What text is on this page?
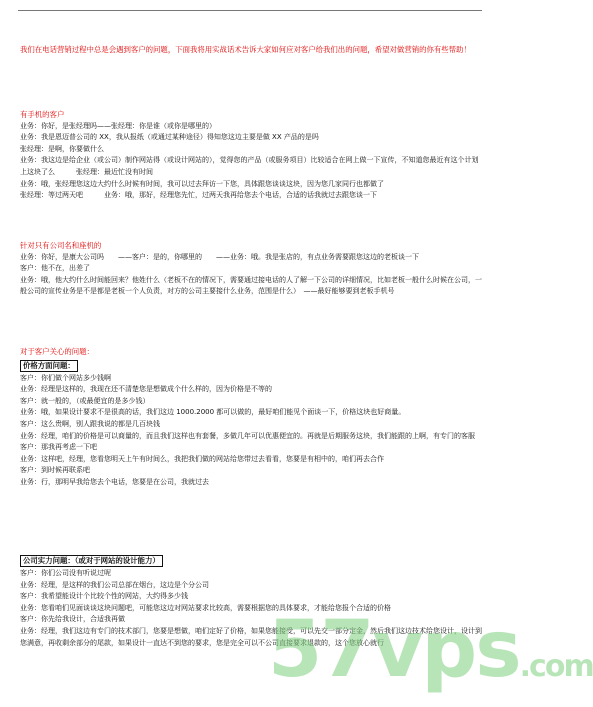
我们在电话营销过程中总是会遇到客户的问题，下面我将用实战话术告诉大家如何应对客户给我们出的问题，希望对做营销的你有些帮助！
有手机的客户
业务：你好，是张经理吗——张经理：你是谁（或你是哪里的）
业务：我是恩迈普公司的 XX，我从报纸（或通过某种途径）得知您这边主要是做 XX 产品的是吗
张经理：是啊，你要做什么
业务：我这边是给企业（或公司）制作网站得（或设计网站的），觉得您的产品（或服务项目）比较适合在网上做一下宣传，不知道您最近有这个计划上这块了么　　　张经理：最近忙没有时间
业务：哦，张经理您这边大约什么时候有时间，我可以过去拜访一下您，具体跟您谈谈这块，因为您几家同行也都做了
张经理：等过两天吧　　　业务：哦，那好，经理您先忙，过两天我再给您去个电话，合适的话我就过去跟您谈一下
针对只有公司名和座机的
业务：你好，是康大公司吗　　——客户：是的，你哪里的　　——业务：哦。我是张店的，有点业务需要跟您这边的老板谈一下
客户：他不在，出差了
业务：哦，他大约什么时间能回来？他姓什么（老板不在的情况下，需要通过接电话的人了解一下公司的详细情况，比如老板一般什么时候在公司，一般公司的宣传业务是不是都是老板一个人负责，对方的公司主要接什么业务，范围是什么）　——最好能够要到老板手机号
对于客户关心的问题：
价格方面问题：
客户：你们做个网站多少钱啊
业务：经理是这样的，我现在还不清楚您是想做成个什么样的，因为价格是不等的
客户：就一般的，（或最便宜的是多少钱）
业务：哦，如果设计要求不是很高的话，我们这边 1000.2000 都可以做的，最好咱们能见个面谈一下，价格这块也好商量。
客户：这么贵啊，别人跟我说的都是几百块钱
业务：经理，咱们的价格是可以商量的，而且我们这样也有套餐，多做几年可以优惠便宜的。再就是后期服务这块，我们能跟的上啊，有专门的客服
客户：那我再考虑一下吧
业务：这样吧，经理，您看您明天上午有时间么，我把我们做的网站给您带过去看看，您要是有相中的，咱们再去合作
客户：到时候再联系吧
业务：行，那明早我给您去个电话，您要是在公司，我就过去
公司实力问题：（或对于网站的设计能力）
客户：你们公司没有听说过呢
业务：经理，是这样的我们公司总部在烟台，这边是个分公司
客户：我希望能设计个比较个性的网站，大约得多少钱
业务：您看咱们见面谈谈这块问题吧，可能您这边对网站要求比较高，需要根据您的具体要求，才能给您报个合适的价格
客户：你先给我设计，合适我再做
业务：经理，我们这边有专门的技术部门，您要是想做，咱们定好了价格，如果您能接受，可以先交一部分定金，然后我们这边技术给您设计，设计到您满意，再收剩余部分的尾款，如果设计一直达不到您的要求，您是完全可以不公司直接要求退款的，这个您放心就行
57vps.com
